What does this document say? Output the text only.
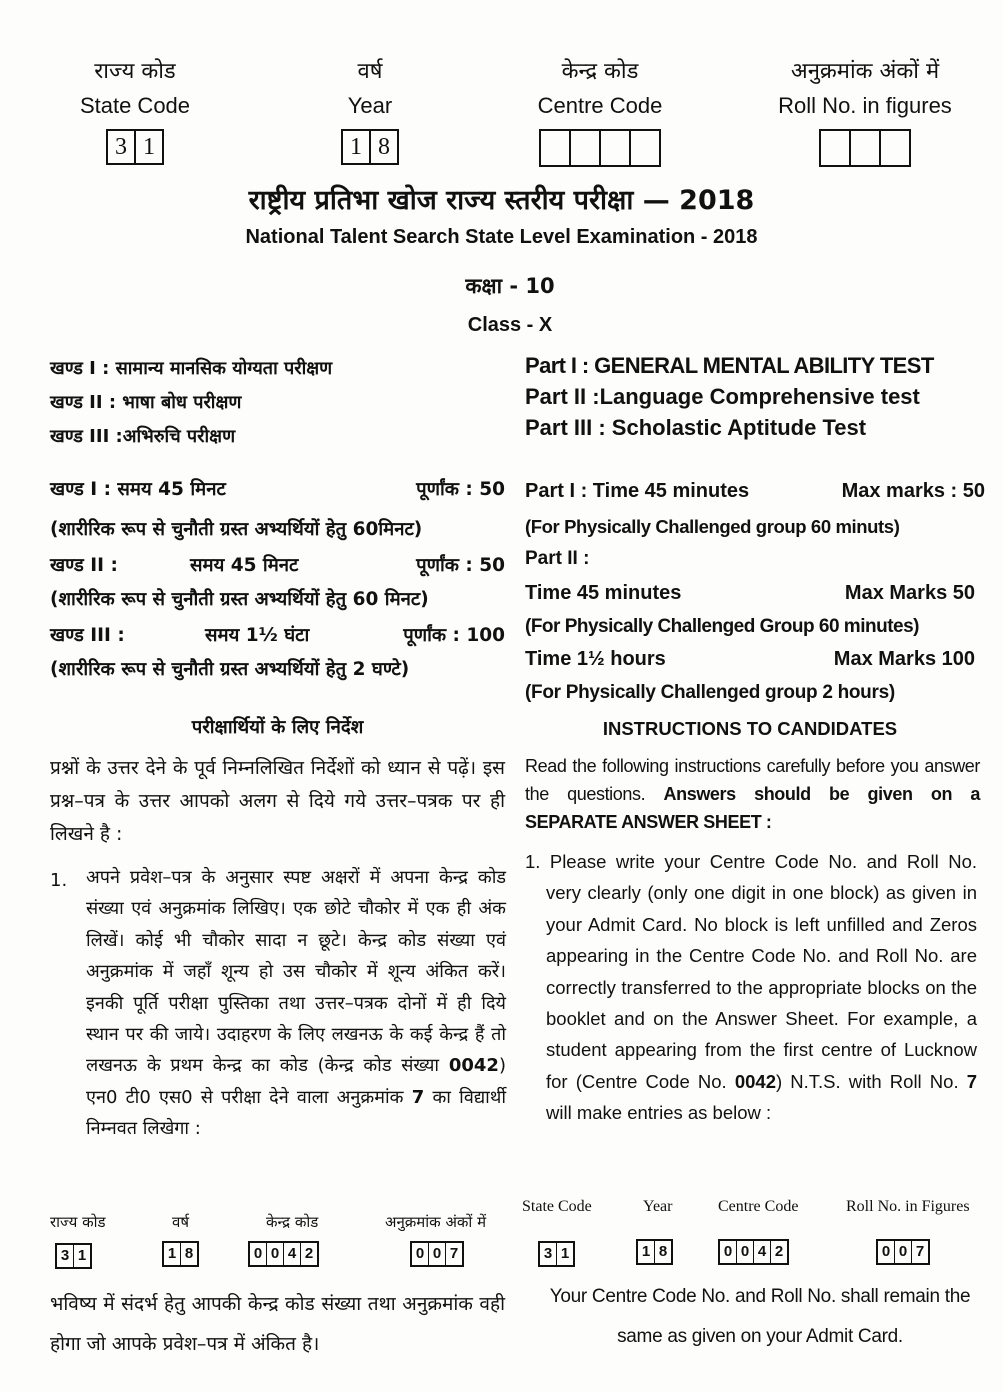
राज्य कोड
State Code
3 1
वर्ष
Year
1 8
केन्द्र कोड
Centre Code
अनुक्रमांक अंकों में
Roll No. in figures
राष्ट्रीय प्रतिभा खोज राज्य स्तरीय परीक्षा — 2018
National Talent Search State Level Examination - 2018
कक्षा - 10
Class - X
खण्ड I : सामान्य मानसिक योग्यता परीक्षण
खण्ड II : भाषा बोध परीक्षण
खण्ड III :अभिरुचि परीक्षण
Part I : GENERAL MENTAL ABILITY TEST
Part II :Language Comprehensive test
Part III : Scholastic Aptitude Test
खण्ड I : समय 45 मिनट	पूर्णांक : 50
(शारीरिक रूप से चुनौती ग्रस्त अभ्यर्थियों हेतु 60मिनट)
खण्ड II :	समय 45 मिनट	पूर्णांक : 50
(शारीरिक रूप से चुनौती ग्रस्त अभ्यर्थियों हेतु 60 मिनट)
खण्ड III :	समय 1½ घंटा	पूर्णांक : 100
(शारीरिक रूप से चुनौती ग्रस्त अभ्यर्थियों हेतु 2 घण्टे)
Part I : Time 45 minutes	Max marks : 50
(For Physically Challenged group 60 minuts)
Part II :
Time 45 minutes	Max Marks 50
(For Physically Challenged Group 60 minutes)
Time 1½ hours	Max Marks 100
(For Physically Challenged group 2 hours)
परीक्षार्थियों के लिए निर्देश	INSTRUCTIONS TO CANDIDATES
प्रश्नों के उत्तर देने के पूर्व निम्नलिखित निर्देशों को ध्यान से पढ़ें। इस प्रश्न–पत्र के उत्तर आपको अलग से दिये गये उत्तर–पत्रक पर ही लिखने है :
Read the following instructions carefully before you answer the questions. Answers should be given on a SEPARATE ANSWER SHEET :
1. अपने प्रवेश–पत्र के अनुसार स्पष्ट अक्षरों में अपना केन्द्र कोड संख्या एवं अनुक्रमांक लिखिए। एक छोटे चौकोर में एक ही अंक लिखें। कोई भी चौकोर सादा न छूटे। केन्द्र कोड संख्या एवं अनुक्रमांक में जहाँ शून्य हो उस चौकोर में शून्य अंकित करें। इनकी पूर्ति परीक्षा पुस्तिका तथा उत्तर–पत्रक दोनों में ही दिये स्थान पर की जाये। उदाहरण के लिए लखनऊ के कई केन्द्र हैं तो लखनऊ के प्रथम केन्द्र का कोड (केन्द्र कोड संख्या 0042) एन0 टी0 एस0 से परीक्षा देने वाला अनुक्रमांक 7 का विद्यार्थी निम्नवत लिखेगा :
1. Please write your Centre Code No. and Roll No. very clearly (only one digit in one block) as given in your Admit Card. No block is left unfilled and Zeros appearing in the Centre Code No. and Roll No. are correctly transferred to the appropriate blocks on the booklet and on the Answer Sheet. For example, a student appearing from the first centre of Lucknow for (Centre Code No. 0042) N.T.S. with Roll No. 7 will make entries as below :
राज्य कोड	वर्ष	केन्द्र कोड	अनुक्रमांक अंकों में
3 1	1 8	0 0 4 2	0 0 7
State Code	Year	Centre Code	Roll No. in Figures
3 1	1 8	0 0 4 2	0 0 7
भविष्य में संदर्भ हेतु आपकी केन्द्र कोड संख्या तथा अनुक्रमांक वही होगा जो आपके प्रवेश–पत्र में अंकित है।
Your Centre Code No. and Roll No. shall remain the same as given on your Admit Card.
